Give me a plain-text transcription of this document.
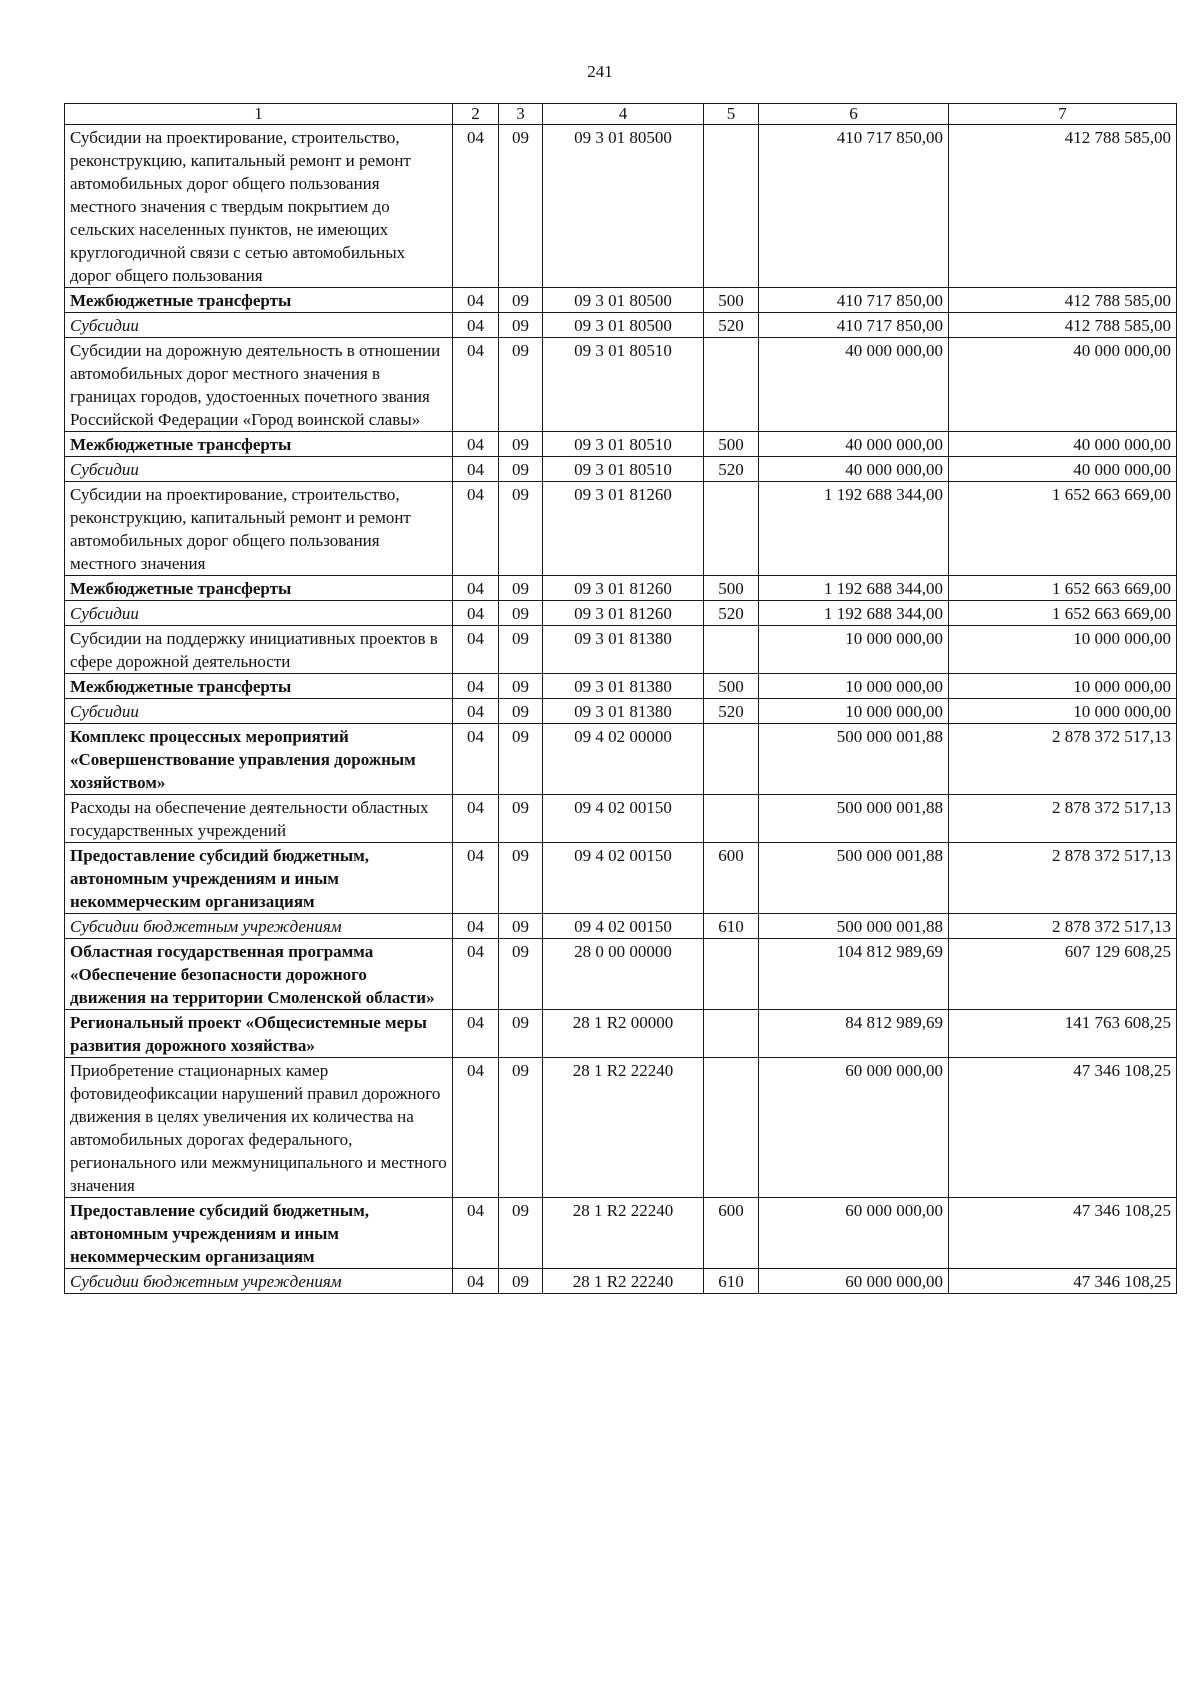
241
1	2	3	4	5	6	7
Субсидии на проектирование, строительство, реконструкцию, капитальный ремонт и ремонт автомобильных дорог общего пользования местного значения с твердым покрытием до сельских населенных пунктов, не имеющих круглогодичной связи с сетью автомобильных дорог общего пользования	04	09	09 3 01 80500		410 717 850,00	412 788 585,00
Межбюджетные трансферты	04	09	09 3 01 80500	500	410 717 850,00	412 788 585,00
Субсидии	04	09	09 3 01 80500	520	410 717 850,00	412 788 585,00
Субсидии на дорожную деятельность в отношении автомобильных дорог местного значения в границах городов, удостоенных почетного звания Российской Федерации «Город воинской славы»	04	09	09 3 01 80510		40 000 000,00	40 000 000,00
Межбюджетные трансферты	04	09	09 3 01 80510	500	40 000 000,00	40 000 000,00
Субсидии	04	09	09 3 01 80510	520	40 000 000,00	40 000 000,00
Субсидии на проектирование, строительство, реконструкцию, капитальный ремонт и ремонт автомобильных дорог общего пользования местного значения	04	09	09 3 01 81260		1 192 688 344,00	1 652 663 669,00
Межбюджетные трансферты	04	09	09 3 01 81260	500	1 192 688 344,00	1 652 663 669,00
Субсидии	04	09	09 3 01 81260	520	1 192 688 344,00	1 652 663 669,00
Субсидии на поддержку инициативных проектов в сфере дорожной деятельности	04	09	09 3 01 81380		10 000 000,00	10 000 000,00
Межбюджетные трансферты	04	09	09 3 01 81380	500	10 000 000,00	10 000 000,00
Субсидии	04	09	09 3 01 81380	520	10 000 000,00	10 000 000,00
Комплекс процессных мероприятий «Совершенствование управления дорожным хозяйством»	04	09	09 4 02 00000		500 000 001,88	2 878 372 517,13
Расходы на обеспечение деятельности областных государственных учреждений	04	09	09 4 02 00150		500 000 001,88	2 878 372 517,13
Предоставление субсидий бюджетным, автономным учреждениям и иным некоммерческим организациям	04	09	09 4 02 00150	600	500 000 001,88	2 878 372 517,13
Субсидии бюджетным учреждениям	04	09	09 4 02 00150	610	500 000 001,88	2 878 372 517,13
Областная государственная программа «Обеспечение безопасности дорожного движения на территории Смоленской области»	04	09	28 0 00 00000		104 812 989,69	607 129 608,25
Региональный проект «Общесистемные меры развития дорожного хозяйства»	04	09	28 1 R2 00000		84 812 989,69	141 763 608,25
Приобретение стационарных камер фотовидеофиксации нарушений правил дорожного движения в целях увеличения их количества на автомобильных дорогах федерального, регионального или межмуниципального и местного значения	04	09	28 1 R2 22240		60 000 000,00	47 346 108,25
Предоставление субсидий бюджетным, автономным учреждениям и иным некоммерческим организациям	04	09	28 1 R2 22240	600	60 000 000,00	47 346 108,25
Субсидии бюджетным учреждениям	04	09	28 1 R2 22240	610	60 000 000,00	47 346 108,25
